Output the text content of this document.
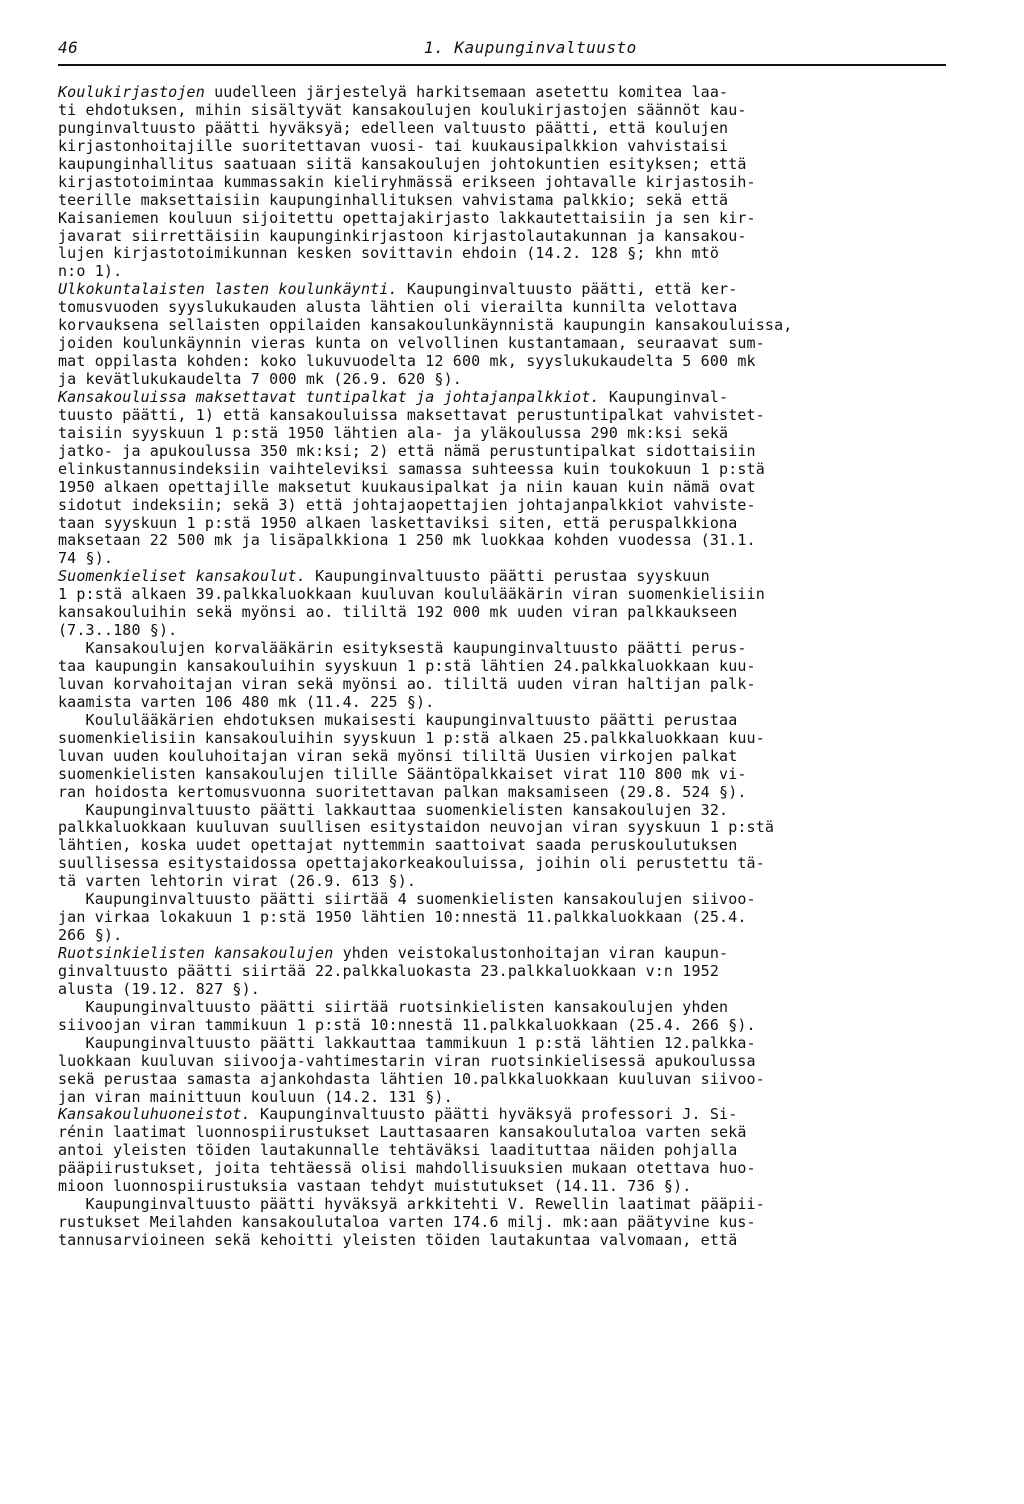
46	1. Kaupunginvaltuusto
Koulukirjastojen uudelleen järjestelyä harkitsemaan asetettu komitea laa-
ti ehdotuksen, mihin sisältyvät kansakoulujen koulukirjastojen säännöt kau-
punginvaltuusto päätti hyväksyä; edelleen valtuusto päätti, että koulujen
kirjastonhoitajille suoritettavan vuosi- tai kuukausipalkkion vahvistaisi
kaupunginhallitus saatuaan siitä kansakoulujen johtokuntien esityksen; että
kirjastotoimintaa kummassakin kieliryhmässä erikseen johtavalle kirjastosih-
teerille maksettaisiin kaupunginhallituksen vahvistama palkkio; sekä että
Kaisaniemen kouluun sijoitettu opettajakirjasto lakkautettaisiin ja sen kir-
javarat siirrettäisiin kaupunginkirjastoon kirjastolautakunnan ja kansakou-
lujen kirjastotoimikunnan kesken sovittavin ehdoin (14.2. 128 §; khn mtö
n:o 1).
Ulkokuntalaisten lasten koulunkäynti. Kaupunginvaltuusto päätti, että ker-
tomusvuoden syyslukukauden alusta lähtien oli vierailta kunnilta velottava
korvauksena sellaisten oppilaiden kansakoulunkäynnistä kaupungin kansakouluissa,
joiden koulunkäynnin vieras kunta on velvollinen kustantamaan, seuraavat sum-
mat oppilasta kohden: koko lukuvuodelta 12 600 mk, syyslukukaudelta 5 600 mk
ja kevätlukukaudelta 7 000 mk (26.9. 620 §).
Kansakouluissa maksettavat tuntipalkat ja johtajanpalkkiot. Kaupunginval-
tuusto päätti, 1) että kansakouluissa maksettavat perustuntipalkat vahvistet-
taisiin syyskuun 1 p:stä 1950 lähtien ala- ja yläkoulussa 290 mk:ksi sekä
jatko- ja apukoulussa 350 mk:ksi; 2) että nämä perustuntipalkat sidottaisiin
elinkustannusindeksiin vaihteleviksi samassa suhteessa kuin toukokuun 1 p:stä
1950 alkaen opettajille maksetut kuukausipalkat ja niin kauan kuin nämä ovat
sidotut indeksiin; sekä 3) että johtajaopettajien johtajanpalkkiot vahviste-
taan syyskuun 1 p:stä 1950 alkaen laskettaviksi siten, että peruspalkkiona
maksetaan 22 500 mk ja lisäpalkkiona 1 250 mk luokkaa kohden vuodessa (31.1.
74 §).
Suomenkieliset kansakoulut. Kaupunginvaltuusto päätti perustaa syyskuun
1 p:stä alkaen 39.palkkaluokkaan kuuluvan koululääkärin viran suomenkielisiin
kansakouluihin sekä myönsi ao. tililtä 192 000 mk uuden viran palkkaukseen
(7.3..180 §).
Kansakoulujen korvalääkärin esityksestä kaupunginvaltuusto päätti perus-
taa kaupungin kansakouluihin syyskuun 1 p:stä lähtien 24.palkkaluokkaan kuu-
luvan korvahoitajan viran sekä myönsi ao. tililtä uuden viran haltijan palk-
kaamista varten 106 480 mk (11.4. 225 §).
Koululääkärien ehdotuksen mukaisesti kaupunginvaltuusto päätti perustaa
suomenkielisiin kansakouluihin syyskuun 1 p:stä alkaen 25.palkkaluokkaan kuu-
luvan uuden kouluhoitajan viran sekä myönsi tililtä Uusien virkojen palkat
suomenkielisten kansakoulujen tilille Sääntöpalkkaiset virat 110 800 mk vi-
ran hoidosta kertomusvuonna suoritettavan palkan maksamiseen (29.8. 524 §).
Kaupunginvaltuusto päätti lakkauttaa suomenkielisten kansakoulujen 32.
palkkaluokkaan kuuluvan suullisen esitystaidon neuvojan viran syyskuun 1 p:stä
lähtien, koska uudet opettajat nyttemmin saattoivat saada peruskoulutuksen
suullisessa esitystaidossa opettajakorkeakouluissa, joihin oli perustettu tä-
tä varten lehtorin virat (26.9. 613 §).
Kaupunginvaltuusto päätti siirtää 4 suomenkielisten kansakoulujen siivoo-
jan virkaa lokakuun 1 p:stä 1950 lähtien 10:nnestä 11.palkkaluokkaan (25.4.
266 §).
Ruotsinkielisten kansakoulujen yhden veistokalustonhoitajan viran kaupun-
ginvaltuusto päätti siirtää 22.palkkaluokasta 23.palkkaluokkaan v:n 1952
alusta (19.12. 827 §).
Kaupunginvaltuusto päätti siirtää ruotsinkielisten kansakoulujen yhden
siivoojan viran tammikuun 1 p:stä 10:nnestä 11.palkkaluokkaan (25.4. 266 §).
Kaupunginvaltuusto päätti lakkauttaa tammikuun 1 p:stä lähtien 12.palkka-
luokkaan kuuluvan siivooja-vahtimestarin viran ruotsinkielisessä apukoulussa
sekä perustaa samasta ajankohdasta lähtien 10.palkkaluokkaan kuuluvan siivoo-
jan viran mainittuun kouluun (14.2. 131 §).
Kansakouluhuoneistot. Kaupunginvaltuusto päätti hyväksyä professori J. Si-
rénin laatimat luonnospiirustukset Lauttasaaren kansakoulutaloa varten sekä
antoi yleisten töiden lautakunnalle tehtäväksi laadituttaa näiden pohjalla
pääpiirustukset, joita tehtäessä olisi mahdollisuuksien mukaan otettava huo-
mioon luonnospiirustuksia vastaan tehdyt muistutukset (14.11. 736 §).
Kaupunginvaltuusto päätti hyväksyä arkkitehti V. Rewellin laatimat pääpii-
rustukset Meilahden kansakoulutaloa varten 174.6 milj. mk:aan päätyvine kus-
tannusarvioineen sekä kehoitti yleisten töiden lautakuntaa valvomaan, että
